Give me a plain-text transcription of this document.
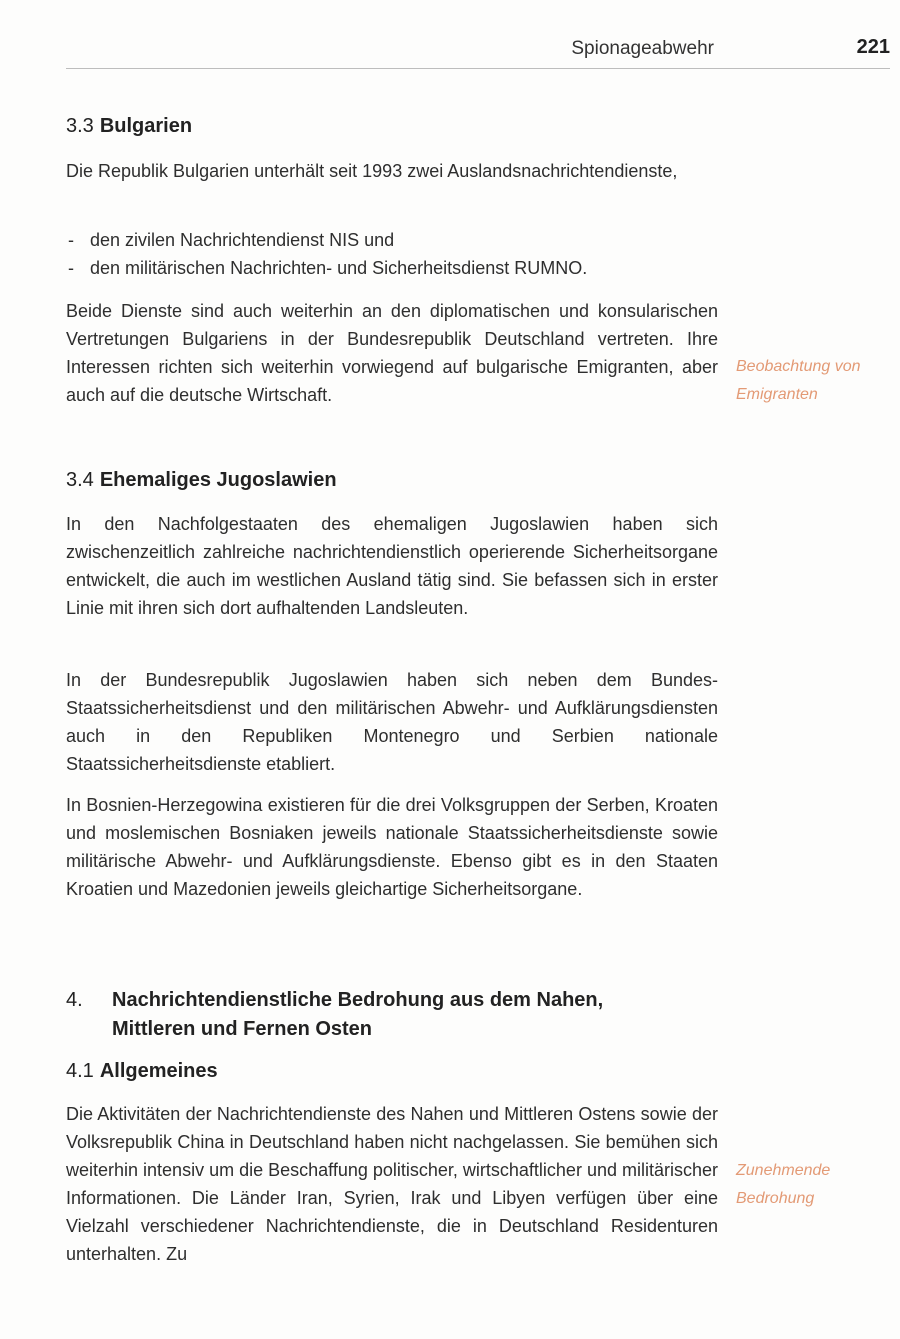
Spionageabwehr	221
3.3 Bulgarien

Die Republik Bulgarien unterhält seit 1993 zwei Auslandsnachrichtendienste,

- den zivilen Nachrichtendienst NIS und
- den militärischen Nachrichten- und Sicherheitsdienst RUMNO.

Beide Dienste sind auch weiterhin an den diplomatischen und konsularischen Vertretungen Bulgariens in der Bundesrepublik Deutschland vertreten. Ihre Interessen richten sich weiterhin vorwiegend auf bulgarische Emigranten, aber auch auf die deutsche Wirtschaft.

3.4 Ehemaliges Jugoslawien

In den Nachfolgestaaten des ehemaligen Jugoslawien haben sich zwischenzeitlich zahlreiche nachrichtendienstlich operierende Sicherheitsorgane entwickelt, die auch im westlichen Ausland tätig sind. Sie befassen sich in erster Linie mit ihren sich dort aufhaltenden Landsleuten.

In der Bundesrepublik Jugoslawien haben sich neben dem Bundes-Staatssicherheitsdienst und den militärischen Abwehr- und Aufklärungsdiensten auch in den Republiken Montenegro und Serbien nationale Staatssicherheitsdienste etabliert.

In Bosnien-Herzegowina existieren für die drei Volksgruppen der Serben, Kroaten und moslemischen Bosniaken jeweils nationale Staatssicherheitsdienste sowie militärische Abwehr- und Aufklärungsdienste. Ebenso gibt es in den Staaten Kroatien und Mazedonien jeweils gleichartige Sicherheitsorgane.

4. Nachrichtendienstliche Bedrohung aus dem Nahen,
Mittleren und Fernen Osten
4.1 Allgemeines

Die Aktivitäten der Nachrichtendienste des Nahen und Mittleren Ostens sowie der Volksrepublik China in Deutschland haben nicht nachgelassen. Sie bemühen sich weiterhin intensiv um die Beschaffung politischer, wirtschaftlicher und militärischer Informationen. Die Länder Iran, Syrien, Irak und Libyen verfügen über eine Vielzahl verschiedener Nachrichtendienste, die in Deutschland Residenturen unterhalten. Zu

Beobachtung von
Emigranten
Zunehmende
Bedrohung
